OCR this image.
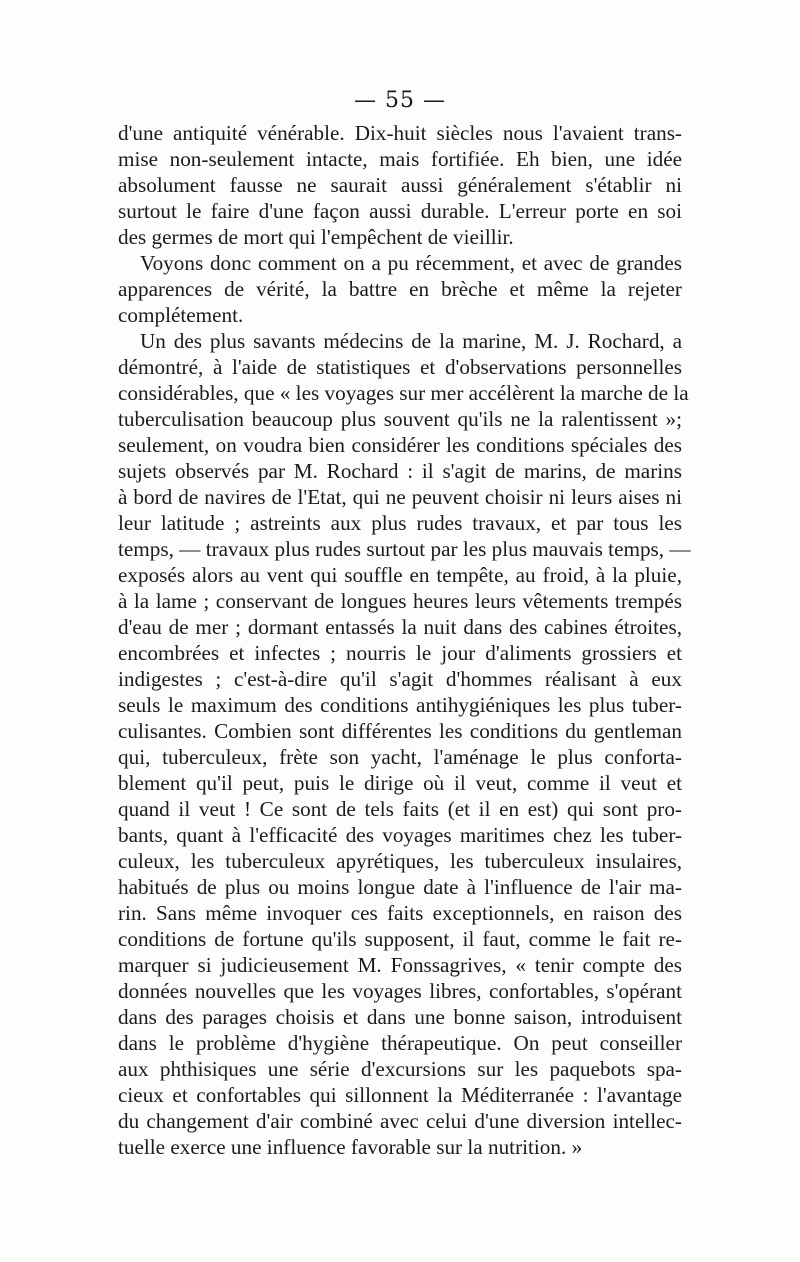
— 55 —
d'une antiquité vénérable. Dix-huit siècles nous l'avaient trans-
mise non-seulement intacte, mais fortifiée. Eh bien, une idée
absolument fausse ne saurait aussi généralement s'établir ni
surtout le faire d'une façon aussi durable. L'erreur porte en soi
des germes de mort qui l'empêchent de vieillir.
Voyons donc comment on a pu récemment, et avec de grandes
apparences de vérité, la battre en brèche et même la rejeter
complétement.
Un des plus savants médecins de la marine, M. J. Rochard, a
démontré, à l'aide de statistiques et d'observations personnelles
considérables, que « les voyages sur mer accélèrent la marche de la
tuberculisation beaucoup plus souvent qu'ils ne la ralentissent »;
seulement, on voudra bien considérer les conditions spéciales des
sujets observés par M. Rochard : il s'agit de marins, de marins
à bord de navires de l'Etat, qui ne peuvent choisir ni leurs aises ni
leur latitude ; astreints aux plus rudes travaux, et par tous les
temps, — travaux plus rudes surtout par les plus mauvais temps, —
exposés alors au vent qui souffle en tempête, au froid, à la pluie,
à la lame ; conservant de longues heures leurs vêtements trempés
d'eau de mer ; dormant entassés la nuit dans des cabines étroites,
encombrées et infectes ; nourris le jour d'aliments grossiers et
indigestes ; c'est-à-dire qu'il s'agit d'hommes réalisant à eux
seuls le maximum des conditions antihygiéniques les plus tuber-
culisantes. Combien sont différentes les conditions du gentleman
qui, tuberculeux, frète son yacht, l'aménage le plus conforta-
blement qu'il peut, puis le dirige où il veut, comme il veut et
quand il veut ! Ce sont de tels faits (et il en est) qui sont pro-
bants, quant à l'efficacité des voyages maritimes chez les tuber-
culeux, les tuberculeux apyrétiques, les tuberculeux insulaires,
habitués de plus ou moins longue date à l'influence de l'air ma-
rin. Sans même invoquer ces faits exceptionnels, en raison des
conditions de fortune qu'ils supposent, il faut, comme le fait re-
marquer si judicieusement M. Fonssagrives, « tenir compte des
données nouvelles que les voyages libres, confortables, s'opérant
dans des parages choisis et dans une bonne saison, introduisent
dans le problème d'hygiène thérapeutique. On peut conseiller
aux phthisiques une série d'excursions sur les paquebots spa-
cieux et confortables qui sillonnent la Méditerranée : l'avantage
du changement d'air combiné avec celui d'une diversion intellec-
tuelle exerce une influence favorable sur la nutrition. »
